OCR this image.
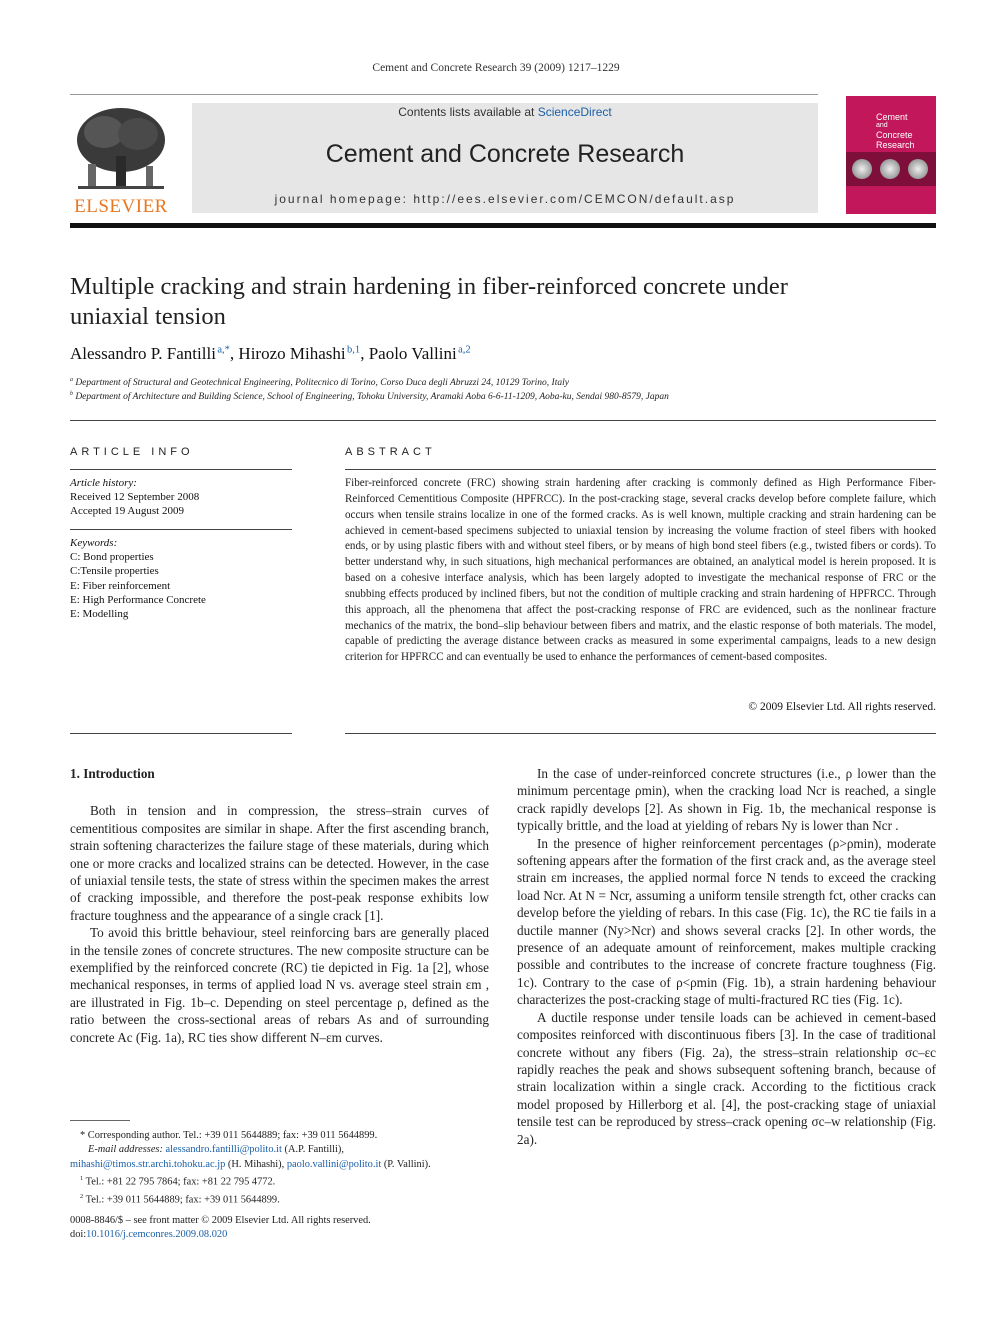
Cement and Concrete Research 39 (2009) 1217–1229
ELSEVIER
Contents lists available at ScienceDirect
Cement and Concrete Research
journal homepage: http://ees.elsevier.com/CEMCON/default.asp
Cement
and
Concrete
Research
Multiple cracking and strain hardening in fiber-reinforced concrete under uniaxial tension
Alessandro P. Fantilli $^{a,*}$, Hirozo Mihashi $^{b,1}$, Paolo Vallini $^{a,2}$
$^a$ Department of Structural and Geotechnical Engineering, Politecnico di Torino, Corso Duca degli Abruzzi 24, 10129 Torino, Italy
$^b$ Department of Architecture and Building Science, School of Engineering, Tohoku University, Aramaki Aoba 6-6-11-1209, Aoba-ku, Sendai 980-8579, Japan
ARTICLE INFO
Article history:
Received 12 September 2008
Accepted 19 August 2009
Keywords:
C: Bond properties
C:Tensile properties
E: Fiber reinforcement
E: High Performance Concrete
E: Modelling
ABSTRACT
Fiber-reinforced concrete (FRC) showing strain hardening after cracking is commonly defined as High Performance Fiber-Reinforced Cementitious Composite (HPFRCC). In the post-cracking stage, several cracks develop before complete failure, which occurs when tensile strains localize in one of the formed cracks. As is well known, multiple cracking and strain hardening can be achieved in cement-based specimens subjected to uniaxial tension by increasing the volume fraction of steel fibers with hooked ends, or by using plastic fibers with and without steel fibers, or by means of high bond steel fibers (e.g., twisted fibers or cords). To better understand why, in such situations, high mechanical performances are obtained, an analytical model is herein proposed. It is based on a cohesive interface analysis, which has been largely adopted to investigate the mechanical response of FRC or the snubbing effects produced by inclined fibers, but not the condition of multiple cracking and strain hardening of HPFRCC. Through this approach, all the phenomena that affect the post-cracking response of FRC are evidenced, such as the nonlinear fracture mechanics of the matrix, the bond–slip behaviour between fibers and matrix, and the elastic response of both materials. The model, capable of predicting the average distance between cracks as measured in some experimental campaigns, leads to a new design criterion for HPFRCC and can eventually be used to enhance the performances of cement-based composites.
© 2009 Elsevier Ltd. All rights reserved.
1. Introduction

Both in tension and in compression, the stress–strain curves of cementitious composites are similar in shape. After the first ascending branch, strain softening characterizes the failure stage of these materials, during which one or more cracks and localized strains can be detected. However, in the case of uniaxial tensile tests, the state of stress within the specimen makes the arrest of cracking impossible, and therefore the post-peak response exhibits low fracture toughness and the appearance of a single crack [1].

To avoid this brittle behaviour, steel reinforcing bars are generally placed in the tensile zones of concrete structures. The new composite structure can be exemplified by the reinforced concrete (RC) tie depicted in Fig. 1a [2], whose mechanical responses, in terms of applied load N vs. average steel strain εm , are illustrated in Fig. 1b–c. Depending on steel percentage ρ, defined as the ratio between the cross-sectional areas of rebars As and of surrounding concrete Ac (Fig. 1a), RC ties show different N–εm curves.

In the case of under-reinforced concrete structures (i.e., ρ lower than the minimum percentage ρmin), when the cracking load Ncr is reached, a single crack rapidly develops [2]. As shown in Fig. 1b, the mechanical response is typically brittle, and the load at yielding of rebars Ny is lower than Ncr .

In the presence of higher reinforcement percentages (ρ>ρmin), moderate softening appears after the formation of the first crack and, as the average steel strain εm increases, the applied normal force N tends to exceed the cracking load Ncr. At N = Ncr, assuming a uniform tensile strength fct, other cracks can develop before the yielding of rebars. In this case (Fig. 1c), the RC tie fails in a ductile manner (Ny>Ncr) and shows several cracks [2]. In other words, the presence of an adequate amount of reinforcement, makes multiple cracking possible and contributes to the increase of concrete fracture toughness (Fig. 1c). Contrary to the case of ρ<ρmin (Fig. 1b), a strain hardening behaviour characterizes the post-cracking stage of multi-fractured RC ties (Fig. 1c).

A ductile response under tensile loads can be achieved in cement-based composites reinforced with discontinuous fibers [3]. In the case of traditional concrete without any fibers (Fig. 2a), the stress–strain relationship σc–εc rapidly reaches the peak and shows subsequent softening branch, because of strain localization within a single crack. According to the fictitious crack model proposed by Hillerborg et al. [4], the post-cracking stage of uniaxial tensile test can be reproduced by stress–crack opening σc–w relationship (Fig. 2a).

* Corresponding author. Tel.: +39 011 5644889; fax: +39 011 5644899.
E-mail addresses: alessandro.fantilli@polito.it (A.P. Fantilli),
mihashi@timos.str.archi.tohoku.ac.jp (H. Mihashi), paolo.vallini@polito.it (P. Vallini).
$^1$ Tel.: +81 22 795 7864; fax: +81 22 795 4772.
$^2$ Tel.: +39 011 5644889; fax: +39 011 5644899.
0008-8846/$ – see front matter © 2009 Elsevier Ltd. All rights reserved.
doi:10.1016/j.cemconres.2009.08.020
